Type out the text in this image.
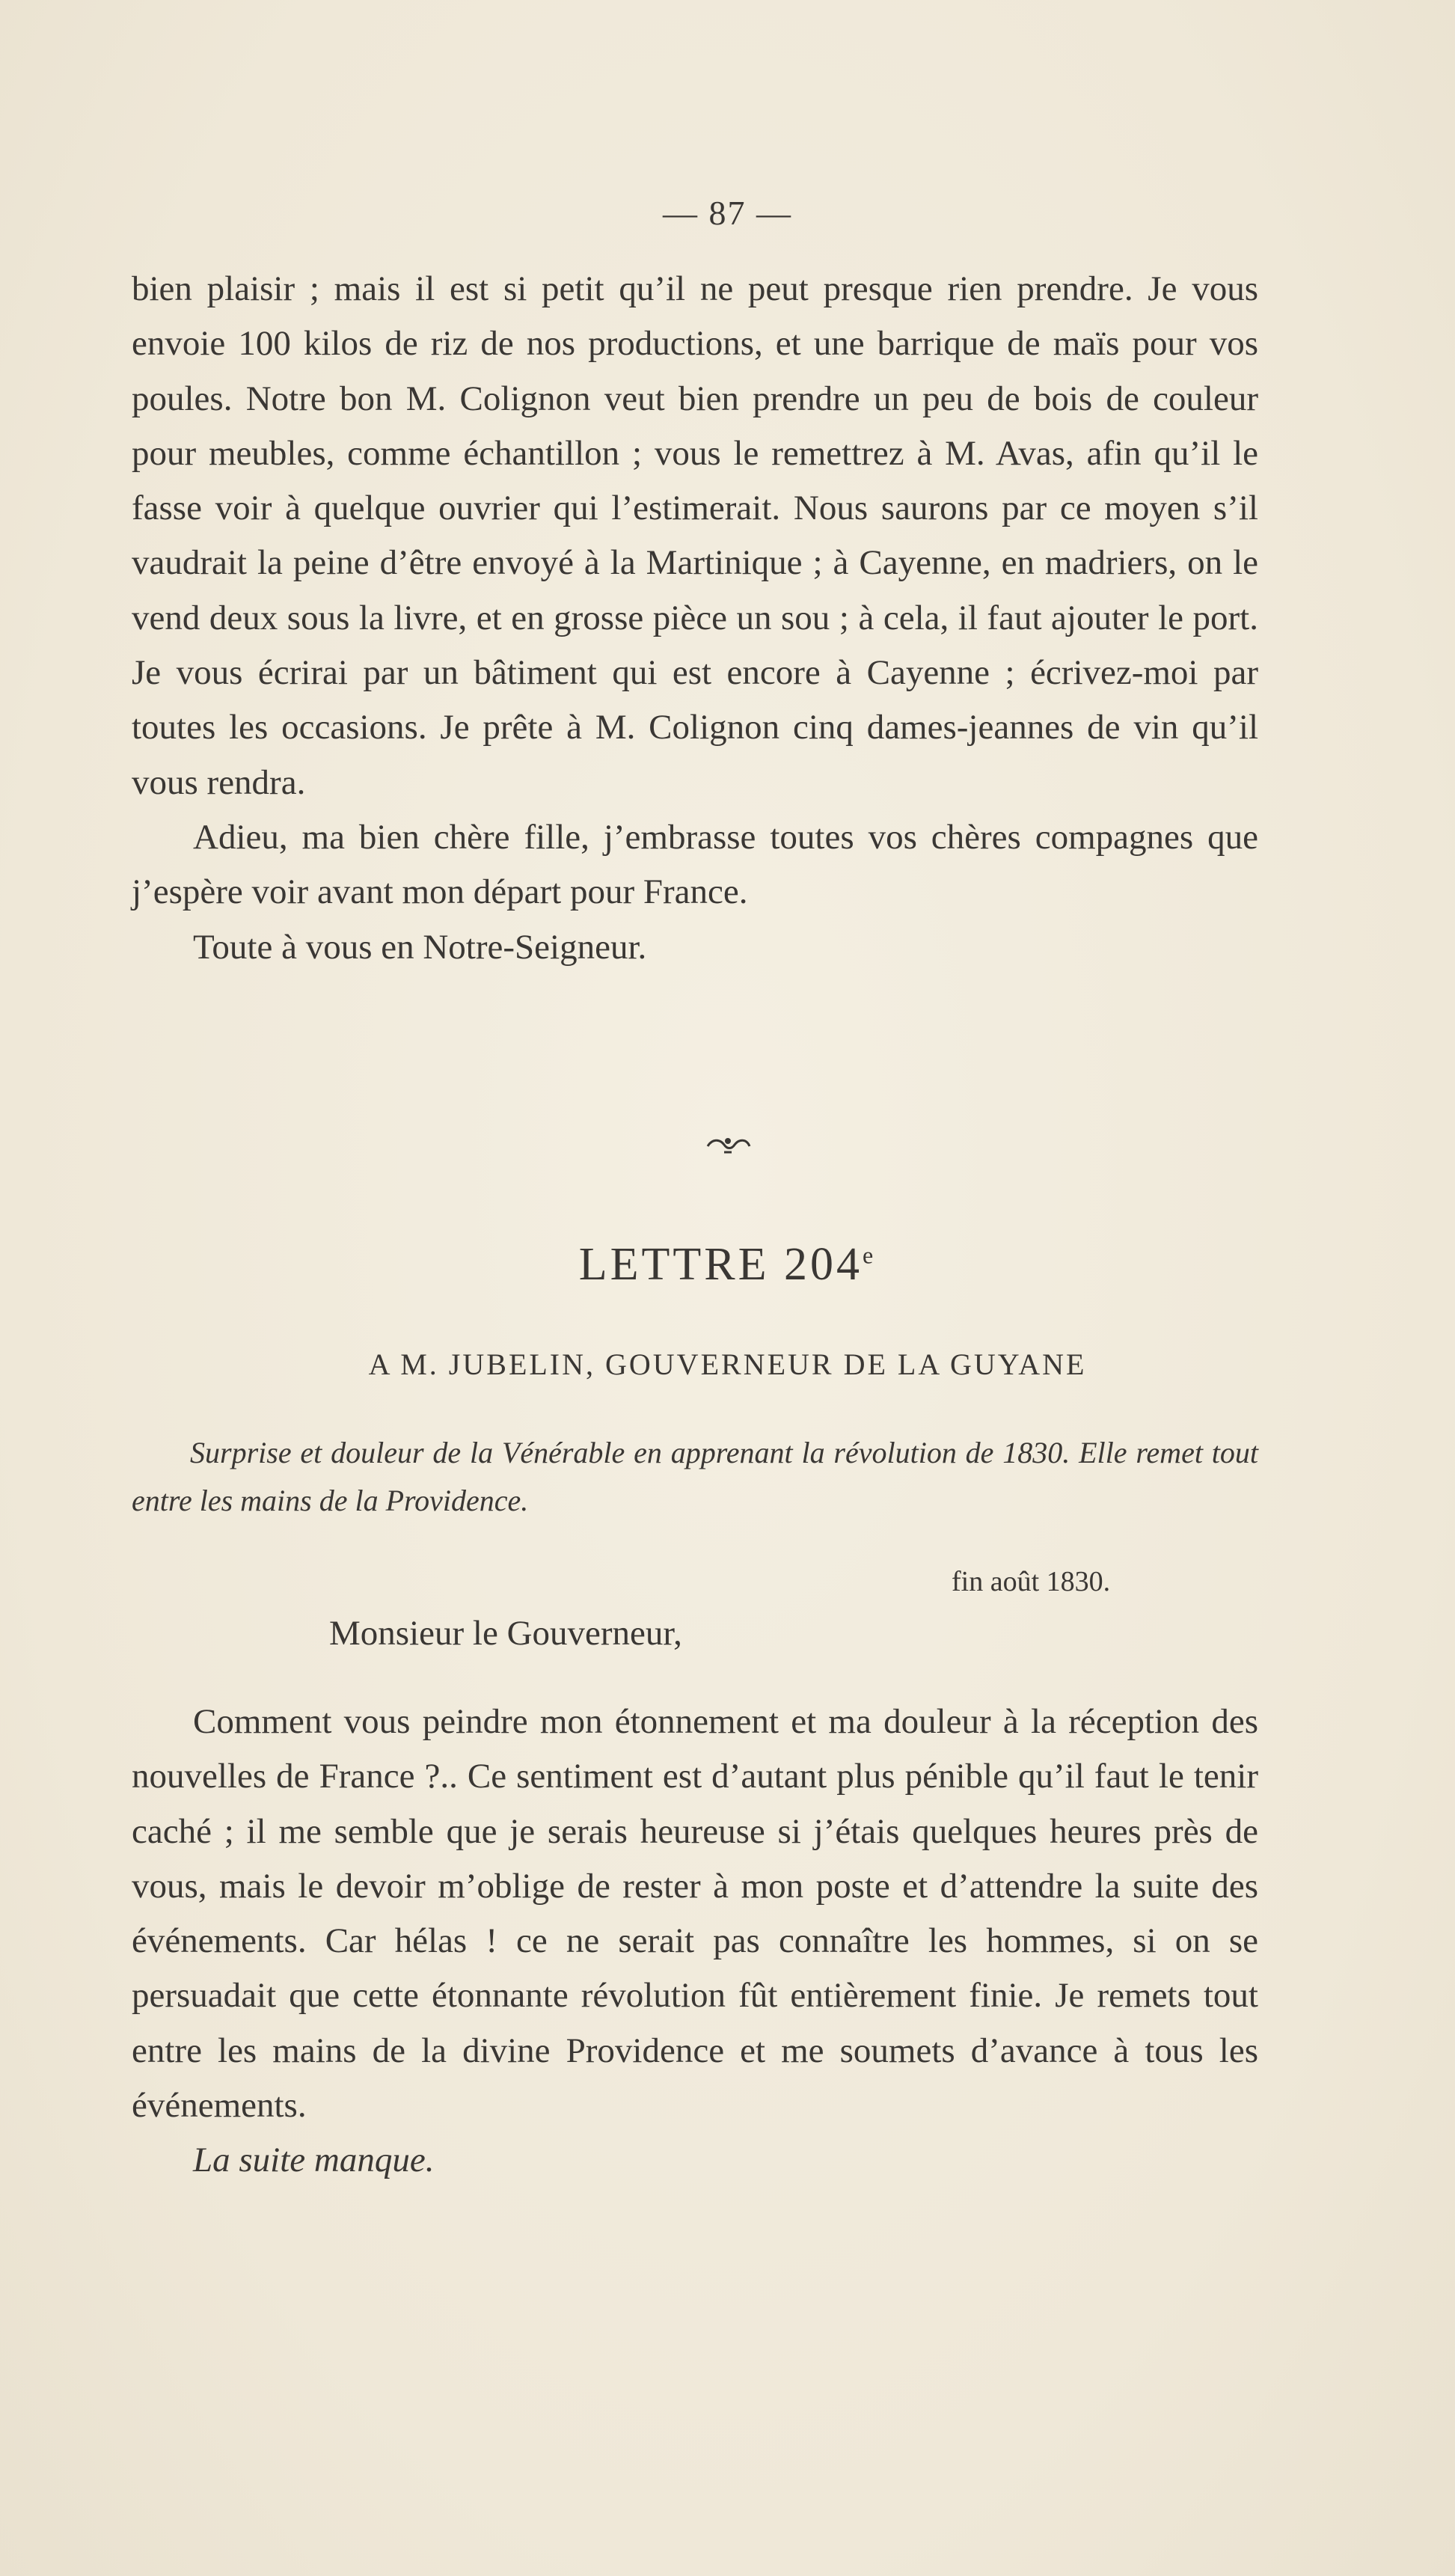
— 87 —

bien plaisir ; mais il est si petit qu’il ne peut presque rien prendre. Je vous envoie 100 kilos de riz de nos productions, et une barrique de maïs pour vos poules. Notre bon M. Colignon veut bien prendre un peu de bois de couleur pour meubles, comme échantillon ; vous le remettrez à M. Avas, afin qu’il le fasse voir à quelque ouvrier qui l’estimerait. Nous saurons par ce moyen s’il vaudrait la peine d’être envoyé à la Martinique ; à Cayenne, en madriers, on le vend deux sous la livre, et en grosse pièce un sou ; à cela, il faut ajouter le port. Je vous écrirai par un bâtiment qui est encore à Cayenne ; écrivez-moi par toutes les occasions. Je prête à M. Colignon cinq dames-jeannes de vin qu’il vous rendra.

Adieu, ma bien chère fille, j’embrasse toutes vos chères compagnes que j’espère voir avant mon départ pour France.

Toute à vous en Notre-Seigneur.

LETTRE 204e
A M. JUBELIN, GOUVERNEUR DE LA GUYANE
Surprise et douleur de la Vénérable en apprenant la révolution de 1830. Elle remet tout entre les mains de la Providence.
fin août 1830.
Monsieur le Gouverneur,

Comment vous peindre mon étonnement et ma douleur à la réception des nouvelles de France ?.. Ce sentiment est d’autant plus pénible qu’il faut le tenir caché ; il me semble que je serais heureuse si j’étais quelques heures près de vous, mais le devoir m’oblige de rester à mon poste et d’attendre la suite des événements. Car hélas ! ce ne serait pas connaître les hommes, si on se persuadait que cette étonnante révolution fût entièrement finie. Je remets tout entre les mains de la divine Providence et me soumets d’avance à tous les événements.

La suite manque.
